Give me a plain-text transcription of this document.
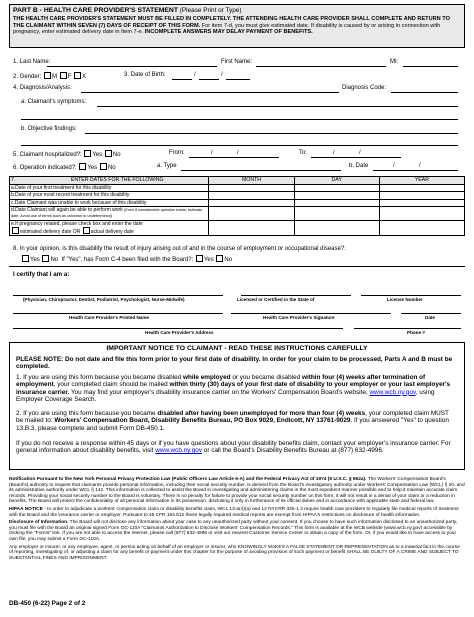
PART B - HEALTH CARE PROVIDER'S STATEMENT (Please Print or Type)
THE HEALTH CARE PROVIDER'S STATEMENT MUST BE FILLED IN COMPLETELY. THE ATTENDING HEALTH CARE PROVIDER SHALL COMPLETE AND RETURN TO THE CLAIMANT WITHIN SEVEN (7) DAYS OF RECEIPT OF THIS FORM. For item 7-d, you must give estimated date. If disability is caused by or arising in connection with pregnancy, enter estimated delivery date in Item 7-e. INCOMPLETE ANSWERS MAY DELAY PAYMENT OF BENEFITS.
1. Last Name:	First Name:	MI:
2. Gender: M F X	3. Date of Birth:	/	/
4. Diagnosis/Analysis:	Diagnosis Code:
a. Claimant's symptoms:
b. Objective findings:
5. Claimant hospitalized?: Yes No	From:	/	/	To:	/	/
6. Operation indicated?: Yes No	a. Type	b. Date	/	/
7.	ENTER DATES FOR THE FOLLOWING	MONTH	DAY	YEAR
a.Date of your first treatment for this disability				
b.Date of your most recent treatment for this disability				
c.Date Claimant was unable to work because of this disability				
d.Date Claimant will again be able to perform work (Even if considerable question exists, estimate date. Avoid use of terms such as unknown or undetermined)				
e.If pregnancy related, please check box and enter the date
estimated delivery date OR actual delivery date				
8. In your opinion, is this disability the result of injury arising out of and in the course of employment or occupational disease?:
Yes No If "Yes", has Form C-4 been filed with the Board?: Yes No
I certify that I am a:
(Physician, Chiropractor, Dentist, Podiatrist, Psychologist, Nurse-Midwife)	Licensed or Certified in the State of	License Number
Health Care Provider's Printed Name	Health Care Provider's Signature	Date
Health Care Provider's Address	Phone #
IMPORTANT NOTICE TO CLAIMANT - READ THESE INSTRUCTIONS CAREFULLY
PLEASE NOTE: Do not date and file this form prior to your first date of disability. In order for your claim to be processed, Parts A and B must be completed.
1. If you are using this form because you became disabled while employed or you became disabled within four (4) weeks after termination of employment, your completed claim should be mailed within thirty (30) days of your first date of disability to your employer or your last employer's insurance carrier. You may find your employer's disability insurance carrier on the Workers' Compensation Board's website, www.wcb.ny.gov, using Employer Coverage Search.
2. If you are using this form because you became disabled after having been unemployed for more than four (4) weeks, your completed claim MUST be mailed to: Workers' Compensation Board, Disability Benefits Bureau, PO Box 9029, Endicott, NY 13761-9029. If you answered "Yes" to question 13.B.3, please complete and submit Form DB-450.1.
If you do not receive a response within 45 days or if you have questions about your disability benefits claim, contact your employer's insurance carrier. For general information about disability benefits, visit www.wcb.ny.gov or call the Board's Disability Benefits Bureau at (877) 632-4996.

Notification Pursuant to the New York Personal Privacy Protection Law (Public Officers Law Article 6-A) and the Federal Privacy Act of 1974 (5 U.S.C. § 552a). The Workers' Compensation Board's (Board's) authority to request that claimants provide personal information, including their social security number, is derived from the Board's investigatory authority under Workers' Compensation Law (WCL) § 20, and its administrative authority under WCL § 142. This information is collected to assist the Board in investigating and administering claims in the most expedient manner possible and to help it maintain accurate claim records. Providing your social security number to the Board is voluntary. There is no penalty for failure to provide your social security number on this form; it will not result in a denial of your claim or a reduction in benefits. The Board will protect the confidentiality of all personal information in its possession, disclosing it only in furtherance of its official duties and in accordance with applicable state and federal law.

HIPAA NOTICE - In order to adjudicate a workers' compensation claim or disability benefits claim, WCL 13-a(4)(a) and 12 NYCRR 325-1.3 require health care providers to regularly file medical reports of treatment with the Board and the insurance carrier or employer. Pursuant to 45 CFR 164.512 these legally required medical reports are exempt from HIPAA's restrictions on disclosure of health information.

Disclosure of Information. The Board will not disclose any information about your case to any unauthorized party without your consent. If you choose to have such information disclosed to an unauthorized party, you must file with the Board an original signed Form OC-110A "Claimants Authorization to Disclose Workers' Compensation Records." This form is available at the WCB website (www.wcb.ny.gov) accessible by clicking the "Forms" link. If you are not able to access the internet, please call (877) 632-4996 or visit our nearest Customer Service Center to obtain a copy of the form. Or, if you would like to have access to your own file, you may submit a Form OC-110A.

Any employer or insurer, or any employee, agent, or person acting on behalf of an employer or insurer, who KNOWINGLY MAKES A FALSE STATEMENT OR REPRESENTATION as to a material fact in the course of reporting, investigating of, or adjusting a claim for any benefit or payment under this chapter for the purpose of avoiding provision of such payment or benefit SHALL BE GUILTY OF A CRIME AND SUBJECT TO SUBSTANTIAL FINES AND IMPRISONMENT.

DB-450 (6-22) Page 2 of 2
